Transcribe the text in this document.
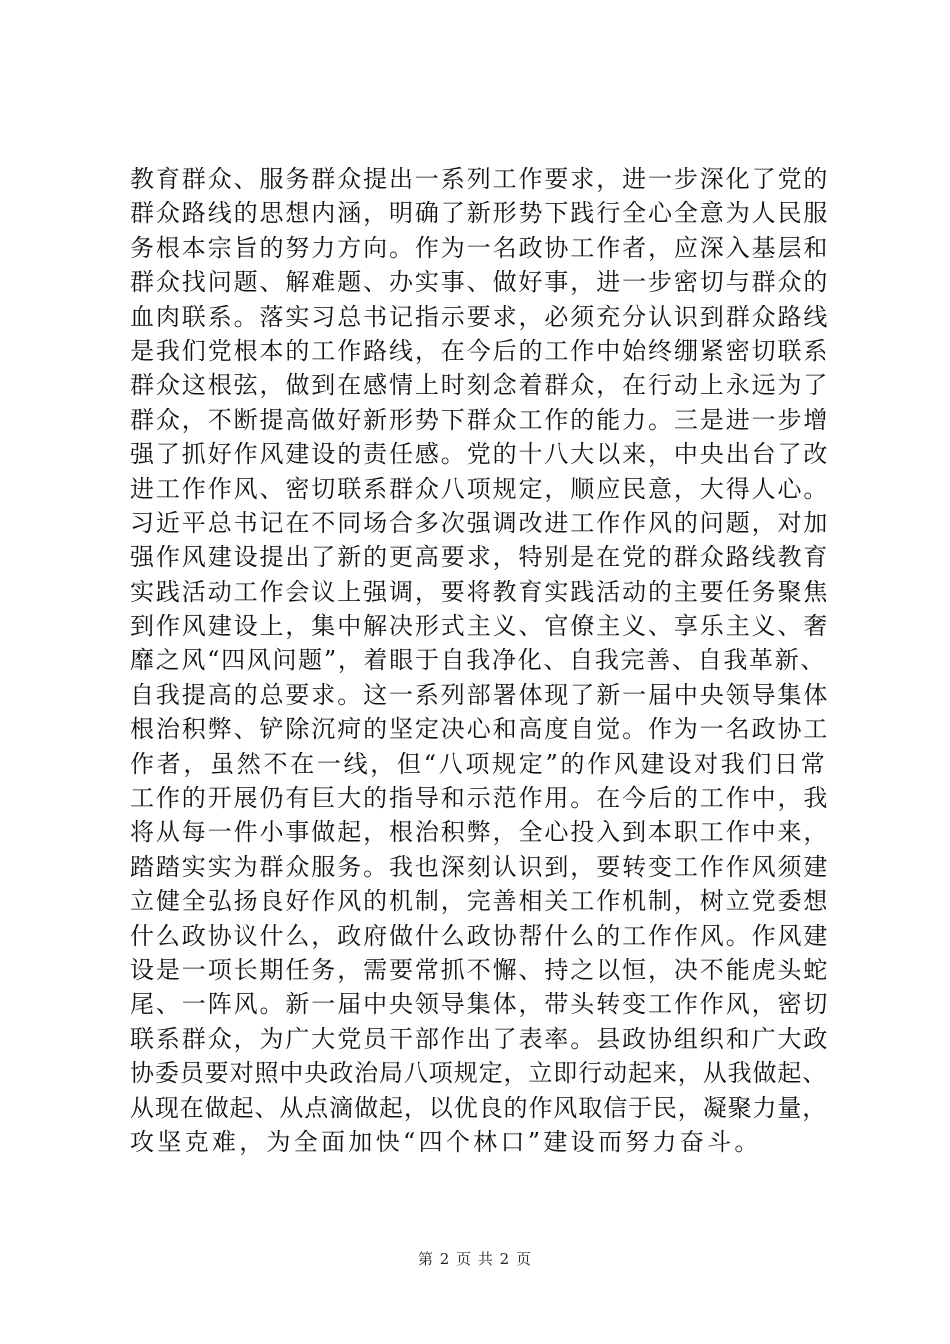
教育群众、服务群众提出一系列工作要求，进一步深化了党的
群众路线的思想内涵，明确了新形势下践行全心全意为人民服
务根本宗旨的努力方向。作为一名政协工作者，应深入基层和
群众找问题、解难题、办实事、做好事，进一步密切与群众的
血肉联系。落实习总书记指示要求，必须充分认识到群众路线
是我们党根本的工作路线，在今后的工作中始终绷紧密切联系
群众这根弦，做到在感情上时刻念着群众，在行动上永远为了
群众，不断提高做好新形势下群众工作的能力。三是进一步增
强了抓好作风建设的责任感。党的十八大以来，中央出台了改
进工作作风、密切联系群众八项规定，顺应民意，大得人心。
习近平总书记在不同场合多次强调改进工作作风的问题，对加
强作风建设提出了新的更高要求，特别是在党的群众路线教育
实践活动工作会议上强调，要将教育实践活动的主要任务聚焦
到作风建设上，集中解决形式主义、官僚主义、享乐主义、奢
靡之风“四风问题”，着眼于自我净化、自我完善、自我革新、
自我提高的总要求。这一系列部署体现了新一届中央领导集体
根治积弊、铲除沉疴的坚定决心和高度自觉。作为一名政协工
作者，虽然不在一线，但“八项规定”的作风建设对我们日常
工作的开展仍有巨大的指导和示范作用。在今后的工作中，我
将从每一件小事做起，根治积弊，全心投入到本职工作中来，
踏踏实实为群众服务。我也深刻认识到，要转变工作作风须建
立健全弘扬良好作风的机制，完善相关工作机制，树立党委想
什么政协议什么，政府做什么政协帮什么的工作作风。作风建
设是一项长期任务，需要常抓不懈、持之以恒，决不能虎头蛇
尾、一阵风。新一届中央领导集体，带头转变工作作风，密切
联系群众，为广大党员干部作出了表率。县政协组织和广大政
协委员要对照中央政治局八项规定，立即行动起来，从我做起、
从现在做起、从点滴做起，以优良的作风取信于民，凝聚力量，
攻坚克难，为全面加快“四个林口”建设而努力奋斗。
第 2 页 共 2 页
